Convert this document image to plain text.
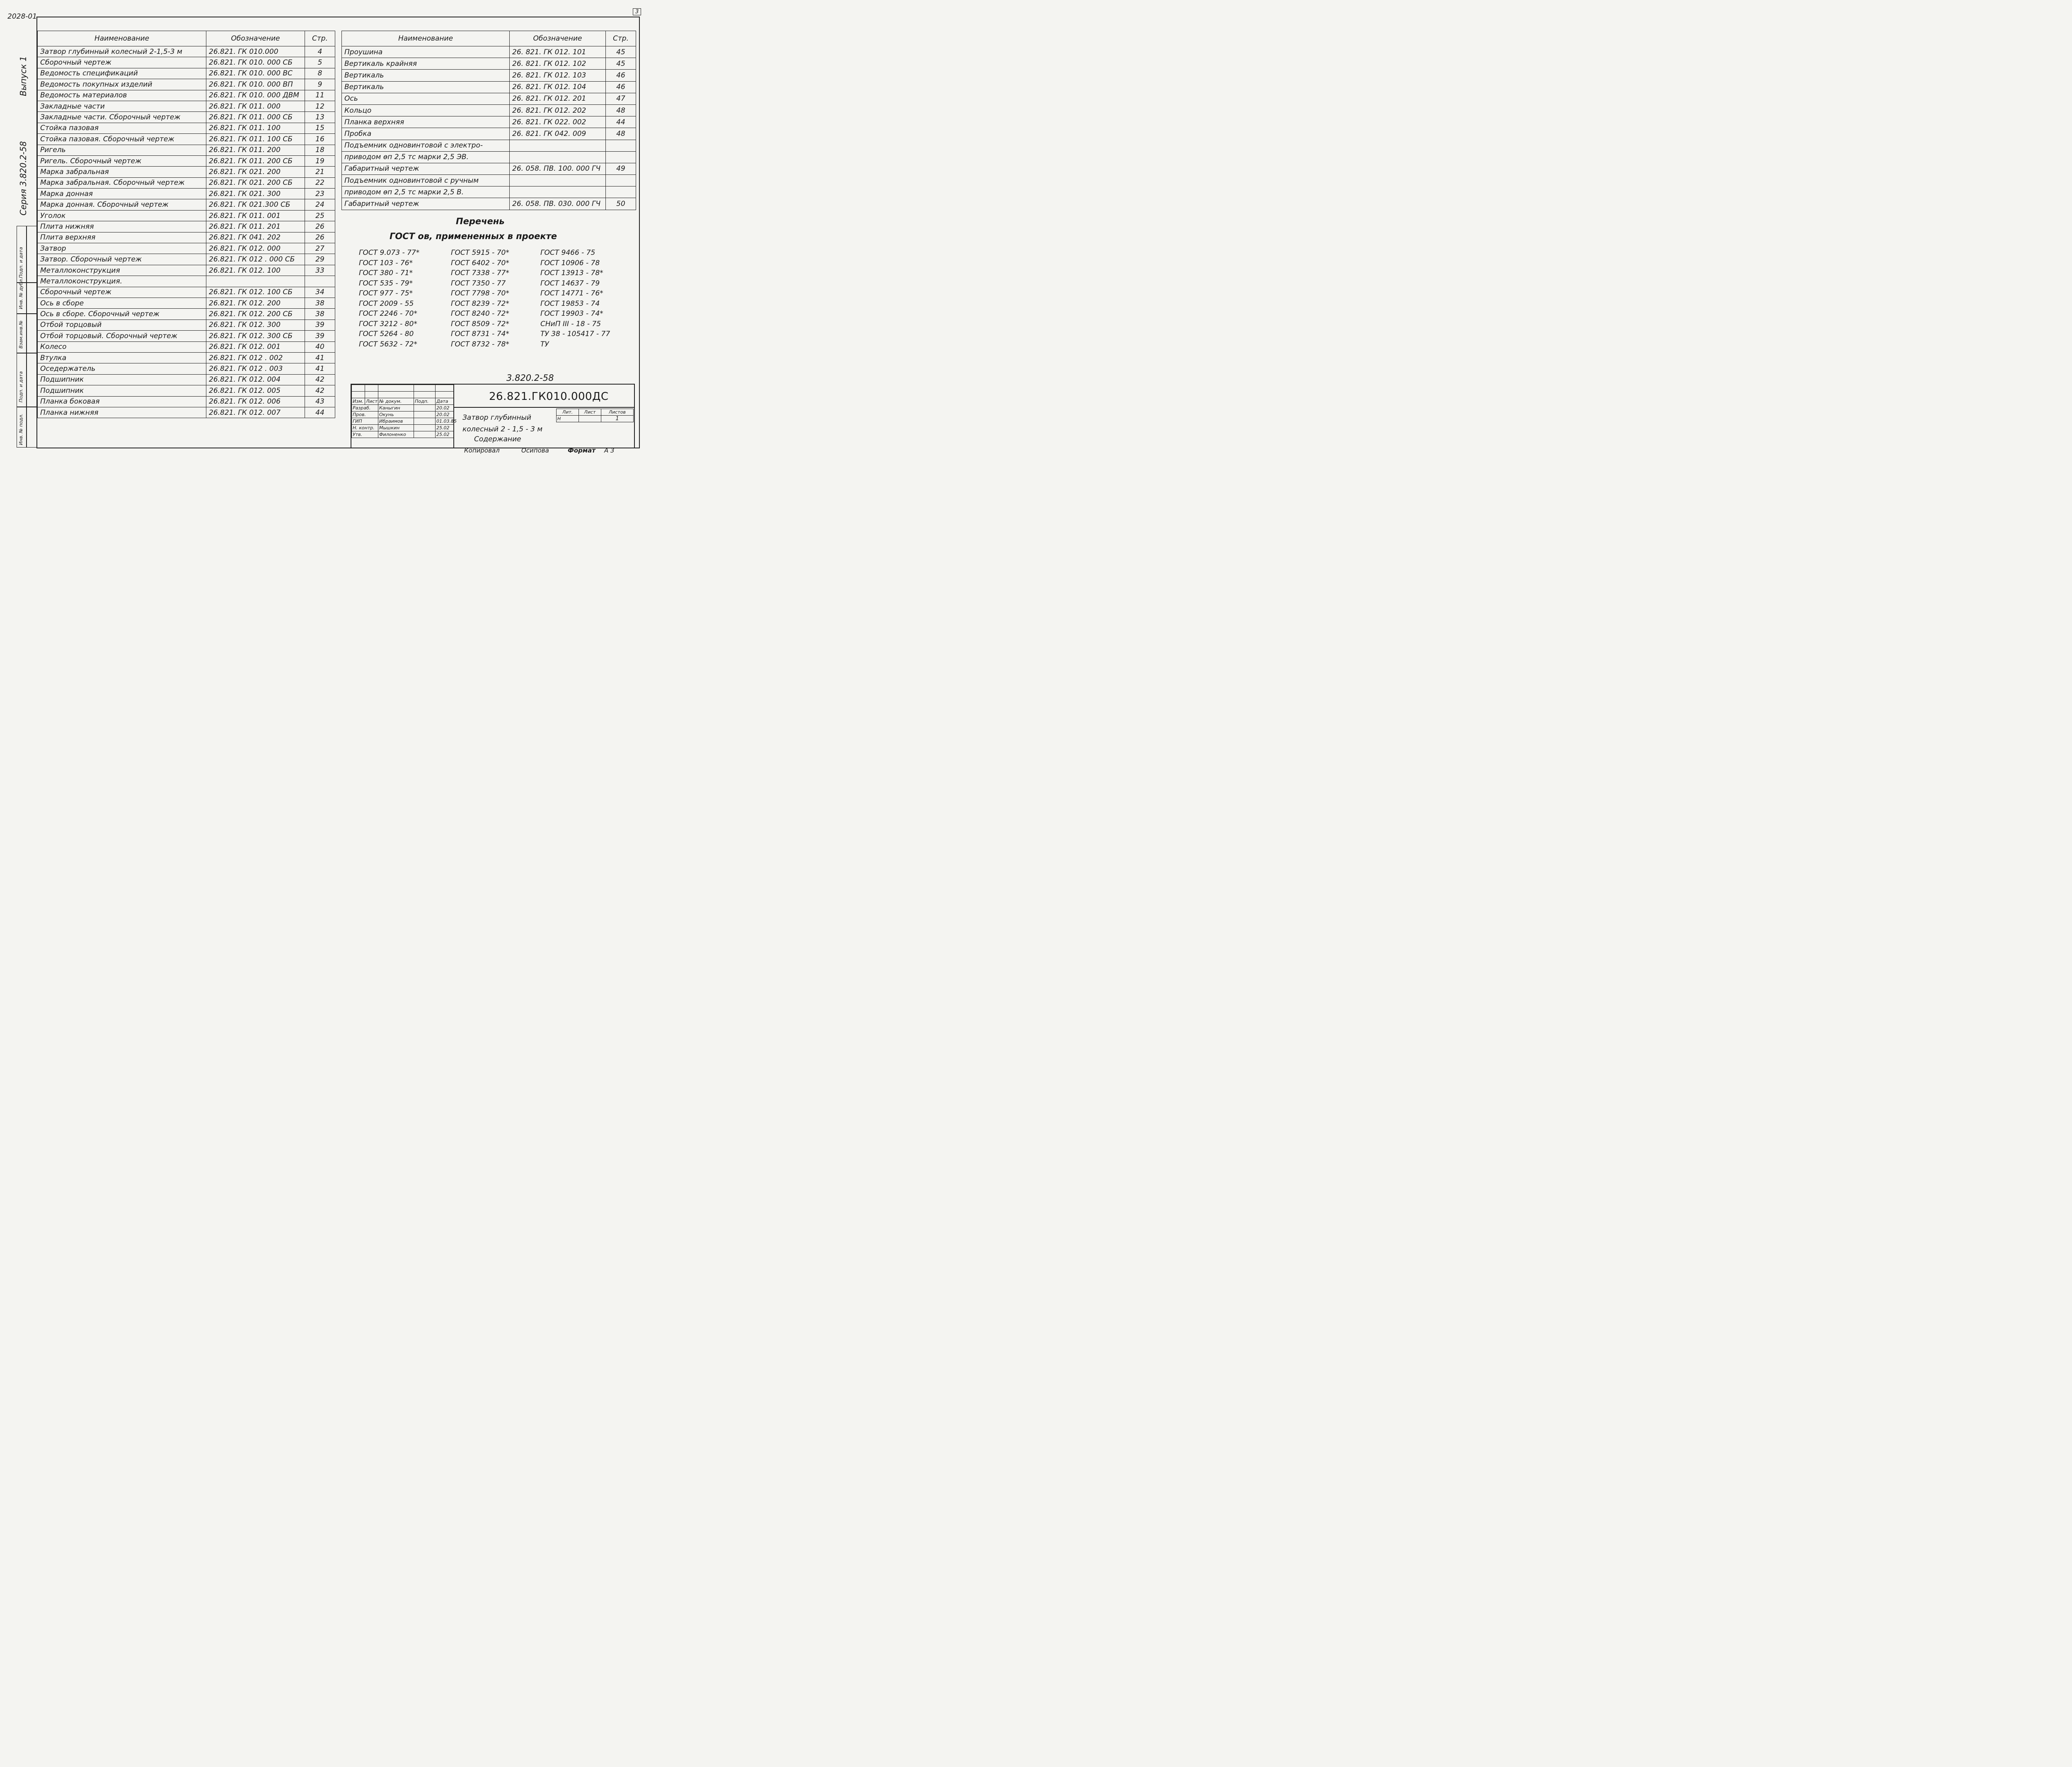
2028-01
3
Выпуск 1
Серия 3.820.2-58
Подп. и дата
Инв. № дубл.
Взам.инв.№
Подп. и дата
Инв. № подл.
Наименование	Обозначение	Стр.
Затвор глубинный колесный 2-1,5-3 м	26.821. ГК 010.000	4
Сборочный чертеж	26.821. ГК 010. 000 СБ	5
Ведомость спецификаций	26.821. ГК 010. 000 ВС	8
Ведомость покупных изделий	26.821. ГК 010. 000 ВП	9
Ведомость материалов	26.821. ГК 010. 000 ДВМ	11
Закладные части	26.821. ГК 011. 000	12
Закладные части. Сборочный чертеж	26.821. ГК 011. 000 СБ	13
Стойка пазовая	26.821. ГК 011. 100	15
Стойка пазовая. Сборочный чертеж	26.821. ГК 011. 100 СБ	16
Ригель	26.821. ГК 011. 200	18
Ригель. Сборочный чертеж	26.821. ГК 011. 200 СБ	19
Марка забральная	26.821. ГК 021. 200	21
Марка забральная. Сборочный чертеж	26.821. ГК 021. 200 СБ	22
Марка донная	26.821. ГК 021. 300	23
Марка донная. Сборочный чертеж	26.821. ГК 021.300 СБ	24
Уголок	26.821. ГК 011. 001	25
Плита нижняя	26.821. ГК 011. 201	26
Плита верхняя	26.821. ГК 041. 202	26
Затвор	26.821. ГК 012. 000	27
Затвор. Сборочный чертеж	26.821. ГК 012 . 000 СБ	29
Металлоконструкция	26.821. ГК 012. 100	33
Металлоконструкция.		
Сборочный чертеж	26.821. ГК 012. 100 СБ	34
Ось в сборе	26.821. ГК 012. 200	38
Ось в сборе. Сборочный чертеж	26.821. ГК 012. 200 СБ	38
Отбой торцовый	26.821. ГК 012. 300	39
Отбой торцовый. Сборочный чертеж	26.821. ГК 012. 300 СБ	39
Колесо	26.821. ГК 012. 001	40
Втулка	26.821. ГК 012 . 002	41
Оседержатель	26.821. ГК 012 . 003	41
Подшипник	26.821. ГК 012. 004	42
Подшипник	26.821. ГК 012. 005	42
Планка боковая	26.821. ГК 012. 006	43
Планка нижняя	26.821. ГК 012. 007	44
Наименование	Обозначение	Стр.
Проушина	26. 821. ГК 012. 101	45
Вертикаль крайняя	26. 821. ГК 012. 102	45
Вертикаль	26. 821. ГК 012. 103	46
Вертикаль	26. 821. ГК 012. 104	46
Ось	26. 821. ГК 012. 201	47
Кольцо	26. 821. ГК 012. 202	48
Планка верхняя	26. 821. ГК 022. 002	44
Пробка	26. 821. ГК 042. 009	48
Подъемник одновинтовой с электро-		
приводом ѳп 2,5 тс марки 2,5 ЭВ.		
Габаритный чертеж	26. 058. ПВ. 100. 000 ГЧ	49
Подъемник одновинтовой с ручным		
приводом ѳп 2,5 тс марки 2,5 В.		
Габаритный чертеж	26. 058. ПВ. 030. 000 ГЧ	50
Перечень
ГОСТ ов, примененных в проекте
ГОСТ 9.073 - 77*
ГОСТ 103 - 76*
ГОСТ 380 - 71*
ГОСТ 535 - 79*
ГОСТ 977 - 75*
ГОСТ 2009 - 55
ГОСТ 2246 - 70*
ГОСТ 3212 - 80*
ГОСТ 5264 - 80
ГОСТ 5632 - 72*
ГОСТ 5915 - 70*
ГОСТ 6402 - 70*
ГОСТ 7338 - 77*
ГОСТ 7350 - 77
ГОСТ 7798 - 70*
ГОСТ 8239 - 72*
ГОСТ 8240 - 72*
ГОСТ 8509 - 72*
ГОСТ 8731 - 74*
ГОСТ 8732 - 78*
ГОСТ 9466 - 75
ГОСТ 10906 - 78
ГОСТ 13913 - 78*
ГОСТ 14637 - 79
ГОСТ 14771 - 76*
ГОСТ 19853 - 74
ГОСТ 19903 - 74*
СНиП III - 18 - 75
ТУ 38 - 105417 - 77
ТУ
3.820.2-58
26.821.ГК010.000ДС
Затвор глубинный
колесный 2 - 1,5 - 3 м
Содержание
Лит.	Лист	Листов
Н		1

Изм.	Лист	№ докум.	Подп.	Дата
Разраб.		Каныгин		20.02
Пров.		Окунь		20.02
ГИП		Ибраимов		01.03.85
Н. контр.		Мышкин		25.02
Утв.		Филоненко		25.02
Копировал	Осипова	Формат А 3
